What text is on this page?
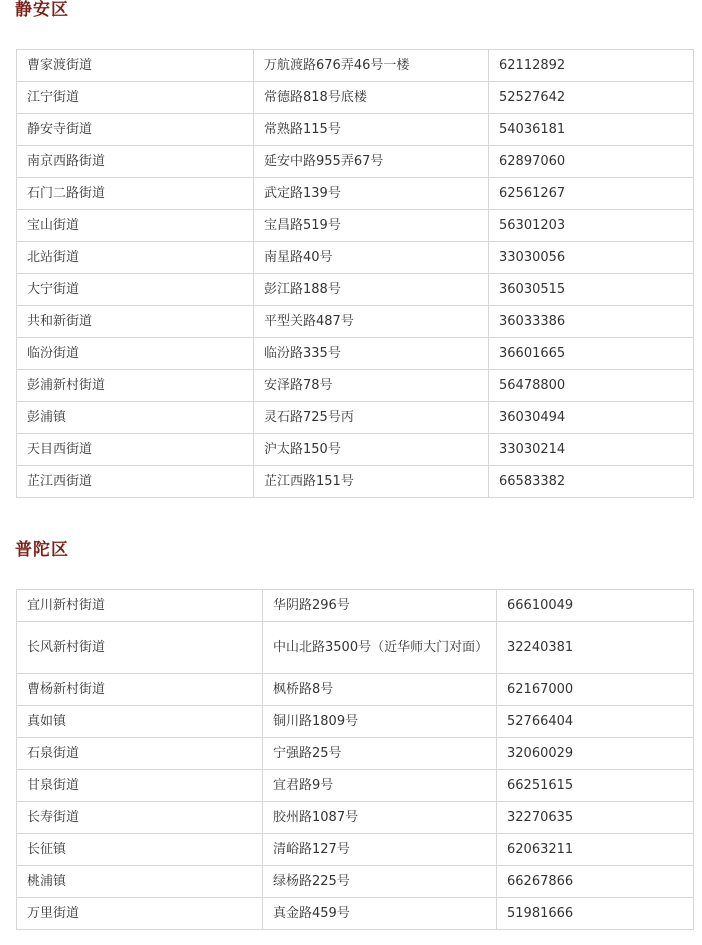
静安区
曹家渡街道	万航渡路676弄46号一楼	62112892
江宁街道	常德路818号底楼	52527642
静安寺街道	常熟路115号	54036181
南京西路街道	延安中路955弄67号	62897060
石门二路街道	武定路139号	62561267
宝山街道	宝昌路519号	56301203
北站街道	南星路40号	33030056
大宁街道	彭江路188号	36030515
共和新街道	平型关路487号	36033386
临汾街道	临汾路335号	36601665
彭浦新村街道	安泽路78号	56478800
彭浦镇	灵石路725号丙	36030494
天目西街道	沪太路150号	33030214
芷江西街道	芷江西路151号	66583382
普陀区
宜川新村街道	华阴路296号	66610049
长风新村街道	中山北路3500号（近华师大门对面）	32240381
曹杨新村街道	枫桥路8号	62167000
真如镇	铜川路1809号	52766404
石泉街道	宁强路25号	32060029
甘泉街道	宜君路9号	66251615
长寿街道	胶州路1087号	32270635
长征镇	清峪路127号	62063211
桃浦镇	绿杨路225号	66267866
万里街道	真金路459号	51981666
